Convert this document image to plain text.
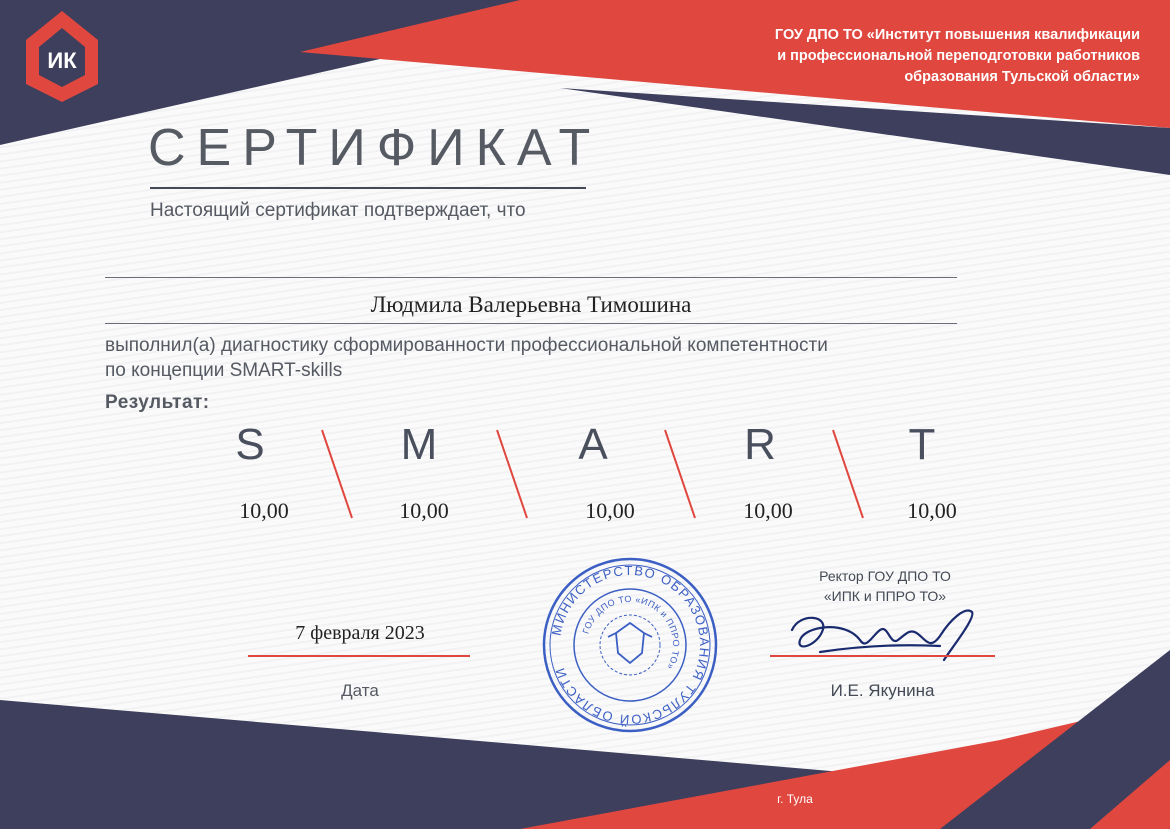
ИК
МИНИСТЕРСТВО ОБРАЗОВАНИЯ ТУЛЬСКОЙ ОБЛАСТИ
ГОУ ДПО ТО «ИПК и ППРО ТО»
ГОУ ДПО ТО «Институт повышения квалификации
и профессиональной переподготовки работников
образования Тульской области»
СЕРТИФИКАТ
Настоящий сертификат подтверждает, что
Людмила Валерьевна Тимошина
выполнил(а) диагностику сформированности профессиональной компетентности
по концепции SMART-skills
Результат:
S	M	A	R	T
10,00	10,00	10,00	10,00	10,00
7 февраля 2023
Дата
Ректор ГОУ ДПО ТО
«ИПК и ППРО ТО»
И.Е. Якунина
г. Тула
